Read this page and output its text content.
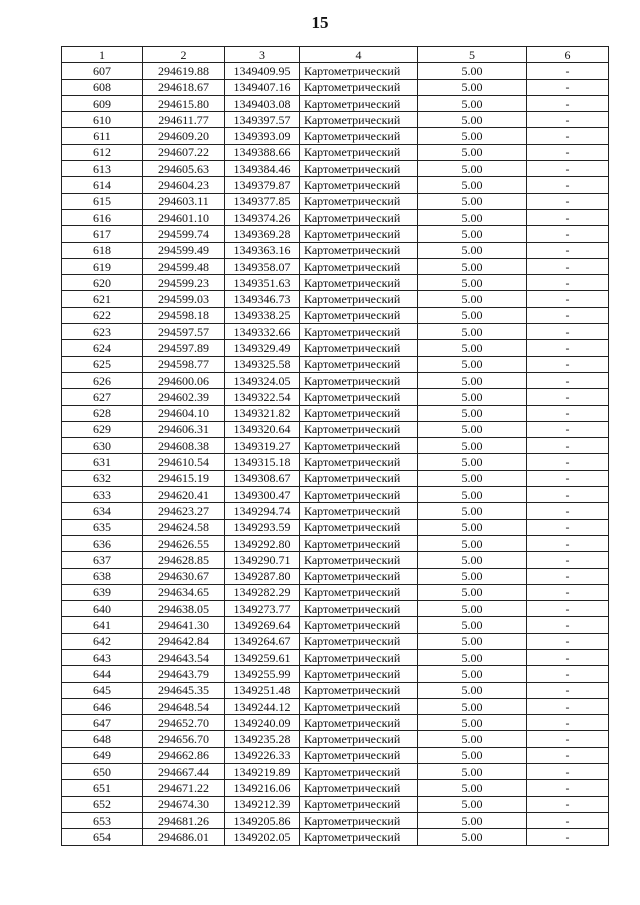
15
1	2	3	4	5	6
607	294619.88	1349409.95	Картометрический	5.00	-
608	294618.67	1349407.16	Картометрический	5.00	-
609	294615.80	1349403.08	Картометрический	5.00	-
610	294611.77	1349397.57	Картометрический	5.00	-
611	294609.20	1349393.09	Картометрический	5.00	-
612	294607.22	1349388.66	Картометрический	5.00	-
613	294605.63	1349384.46	Картометрический	5.00	-
614	294604.23	1349379.87	Картометрический	5.00	-
615	294603.11	1349377.85	Картометрический	5.00	-
616	294601.10	1349374.26	Картометрический	5.00	-
617	294599.74	1349369.28	Картометрический	5.00	-
618	294599.49	1349363.16	Картометрический	5.00	-
619	294599.48	1349358.07	Картометрический	5.00	-
620	294599.23	1349351.63	Картометрический	5.00	-
621	294599.03	1349346.73	Картометрический	5.00	-
622	294598.18	1349338.25	Картометрический	5.00	-
623	294597.57	1349332.66	Картометрический	5.00	-
624	294597.89	1349329.49	Картометрический	5.00	-
625	294598.77	1349325.58	Картометрический	5.00	-
626	294600.06	1349324.05	Картометрический	5.00	-
627	294602.39	1349322.54	Картометрический	5.00	-
628	294604.10	1349321.82	Картометрический	5.00	-
629	294606.31	1349320.64	Картометрический	5.00	-
630	294608.38	1349319.27	Картометрический	5.00	-
631	294610.54	1349315.18	Картометрический	5.00	-
632	294615.19	1349308.67	Картометрический	5.00	-
633	294620.41	1349300.47	Картометрический	5.00	-
634	294623.27	1349294.74	Картометрический	5.00	-
635	294624.58	1349293.59	Картометрический	5.00	-
636	294626.55	1349292.80	Картометрический	5.00	-
637	294628.85	1349290.71	Картометрический	5.00	-
638	294630.67	1349287.80	Картометрический	5.00	-
639	294634.65	1349282.29	Картометрический	5.00	-
640	294638.05	1349273.77	Картометрический	5.00	-
641	294641.30	1349269.64	Картометрический	5.00	-
642	294642.84	1349264.67	Картометрический	5.00	-
643	294643.54	1349259.61	Картометрический	5.00	-
644	294643.79	1349255.99	Картометрический	5.00	-
645	294645.35	1349251.48	Картометрический	5.00	-
646	294648.54	1349244.12	Картометрический	5.00	-
647	294652.70	1349240.09	Картометрический	5.00	-
648	294656.70	1349235.28	Картометрический	5.00	-
649	294662.86	1349226.33	Картометрический	5.00	-
650	294667.44	1349219.89	Картометрический	5.00	-
651	294671.22	1349216.06	Картометрический	5.00	-
652	294674.30	1349212.39	Картометрический	5.00	-
653	294681.26	1349205.86	Картометрический	5.00	-
654	294686.01	1349202.05	Картометрический	5.00	-
